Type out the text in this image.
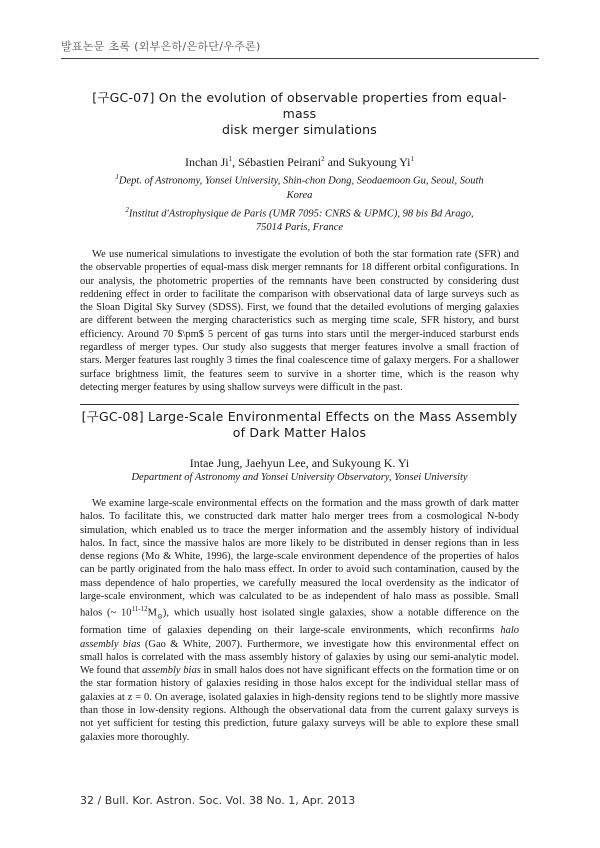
발표논문 초록 (외부은하/은하단/우주론)
[구GC-07] On the evolution of observable properties from equal-mass
disk merger simulations

Inchan Ji$^1$, Sébastien Peirani$^2$ and Sukyoung Yi$^1$

$^1$Dept. of Astronomy, Yonsei University, Shin-chon Dong, Seodaemoon Gu, Seoul, South
Korea

$^2$Institut d'Astrophysique de Paris (UMR 7095: CNRS & UPMC), 98 bis Bd Arago,
75014 Paris, France

We use numerical simulations to investigate the evolution of both the star formation rate (SFR) and the observable properties of equal-mass disk merger remnants for 18 different orbital configurations. In our analysis, the photometric properties of the remnants have been constructed by considering dust reddening effect in order to facilitate the comparison with observational data of large surveys such as the Sloan Digital Sky Survey (SDSS). First, we found that the detailed evolutions of merging galaxies are different between the merging characteristics such as merging time scale, SFR history, and burst efficiency. Around 70 $\pm$ 5 percent of gas turns into stars until the merger-induced starburst ends regardless of merger types. Our study also suggests that merger features involve a small fraction of stars. Merger features last roughly 3 times the final coalescence time of galaxy mergers. For a shallower surface brightness limit, the features seem to survive in a shorter time, which is the reason why detecting merger features by using shallow surveys were difficult in the past.

[구GC-08] Large-Scale Environmental Effects on the Mass Assembly
of Dark Matter Halos

Intae Jung, Jaehyun Lee, and Sukyoung K. Yi

Department of Astronomy and Yonsei University Observatory, Yonsei University

We examine large-scale environmental effects on the formation and the mass growth of dark matter halos. To facilitate this, we constructed dark matter halo merger trees from a cosmological N-body simulation, which enabled us to trace the merger information and the assembly history of individual halos. In fact, since the massive halos are more likely to be distributed in denser regions than in less dense regions (Mo & White, 1996), the large-scale environment dependence of the properties of halos can be partly originated from the halo mass effect. In order to avoid such contamination, caused by the mass dependence of halo properties, we carefully measured the local overdensity as the indicator of large-scale environment, which was calculated to be as independent of halo mass as possible. Small halos (~ $10^{11-12}M_⊙$), which usually host isolated single galaxies, show a notable difference on the formation time of galaxies depending on their large-scale environments, which reconfirms halo assembly bias (Gao & White, 2007). Furthermore, we investigate how this environmental effect on small halos is correlated with the mass assembly history of galaxies by using our semi-analytic model. We found that assembly bias in small halos does not have significant effects on the formation time or on the star formation history of galaxies residing in those halos except for the individual stellar mass of galaxies at z = 0. On average, isolated galaxies in high-density regions tend to be slightly more massive than those in low-density regions. Although the observational data from the current galaxy surveys is not yet sufficient for testing this prediction, future galaxy surveys will be able to explore these small galaxies more thoroughly.

32 / Bull. Kor. Astron. Soc. Vol. 38 No. 1, Apr. 2013
